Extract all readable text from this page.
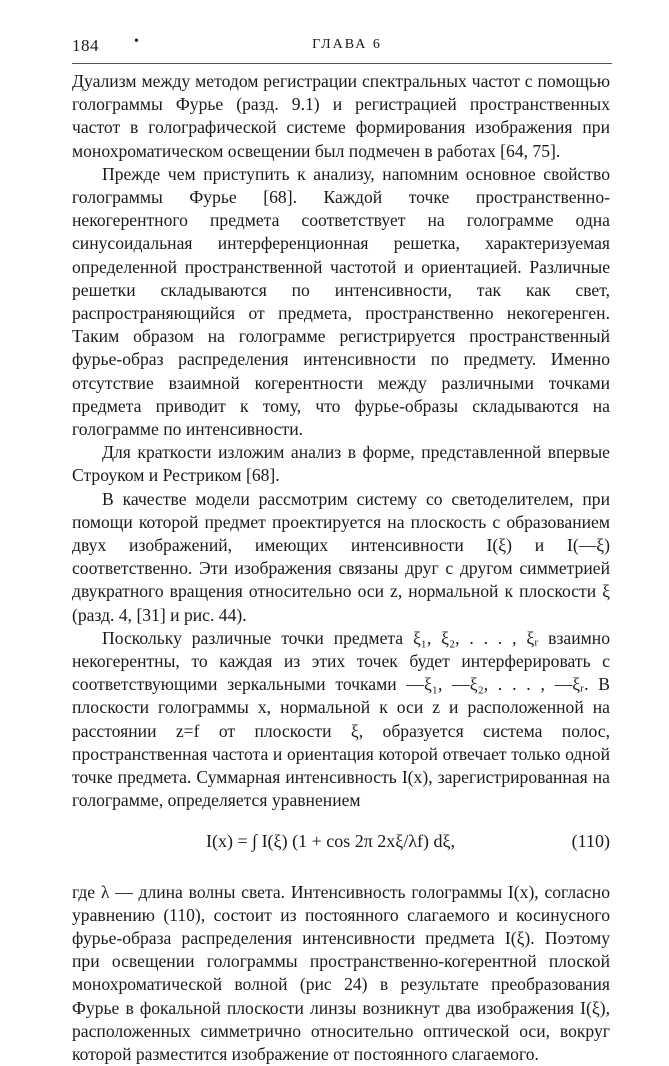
184	•	ГЛАВА 6

Дуализм между методом регистрации спектральных частот с помощью голограммы Фурье (разд. 9.1) и регистрацией пространственных частот в голографической системе формирования изображения при монохроматическом освещении был подмечен в работах [64, 75].

Прежде чем приступить к анализу, напомним основное свойство голограммы Фурье [68]. Каждой точке пространственно-некогерентного предмета соответствует на голограмме одна синусоидальная интерференционная решетка, характеризуемая определенной пространственной частотой и ориентацией. Различные решетки складываются по интенсивности, так как свет, распространяющийся от предмета, пространственно некогеренген. Таким образом на голограмме регистрируется пространственный фурье-образ распределения интенсивности по предмету. Именно отсутствие взаимной когерентности между различными точками предмета приводит к тому, что фурье-образы складываются на голограмме по интенсивности.

Для краткости изложим анализ в форме, представленной впервые Строуком и Рестриком [68].

В качестве модели рассмотрим систему со светоделителем, при помощи которой предмет проектируется на плоскость с образованием двух изображений, имеющих интенсивности I(ξ) и I(—ξ) соответственно. Эти изображения связаны друг с другом симметрией двукратного вращения относительно оси z, нормальной к плоскости ξ (разд. 4, [31] и рис. 44).

Поскольку различные точки предмета ξ₁, ξ₂, . . . , ξᵣ взаимно некогерентны, то каждая из этих точек будет интерферировать с соответствующими зеркальными точками —ξ₁, —ξ₂, . . . , —ξᵣ. В плоскости голограммы x, нормальной к оси z и расположенной на расстоянии z=f от плоскости ξ, образуется система полос, пространственная частота и ориентация которой отвечает только одной точке предмета. Суммарная интенсивность I(x), зарегистрированная на голограмме, определяется уравнением

I(x) = ∫ I(ξ) (1 + cos 2π 2xξ/λf) dξ,	(110)

где λ — длина волны света. Интенсивность голограммы I(x), согласно уравнению (110), состоит из постоянного слагаемого и косинусного фурье-образа распределения интенсивности предмета I(ξ). Поэтому при освещении голограммы пространственно-когерентной плоской монохроматической волной (рис 24) в результате преобразования Фурье в фокальной плоскости линзы возникнут два изображения I(ξ), расположенных симметрично относительно оптической оси, вокруг которой разместится изображение от постоянного слагаемого.
